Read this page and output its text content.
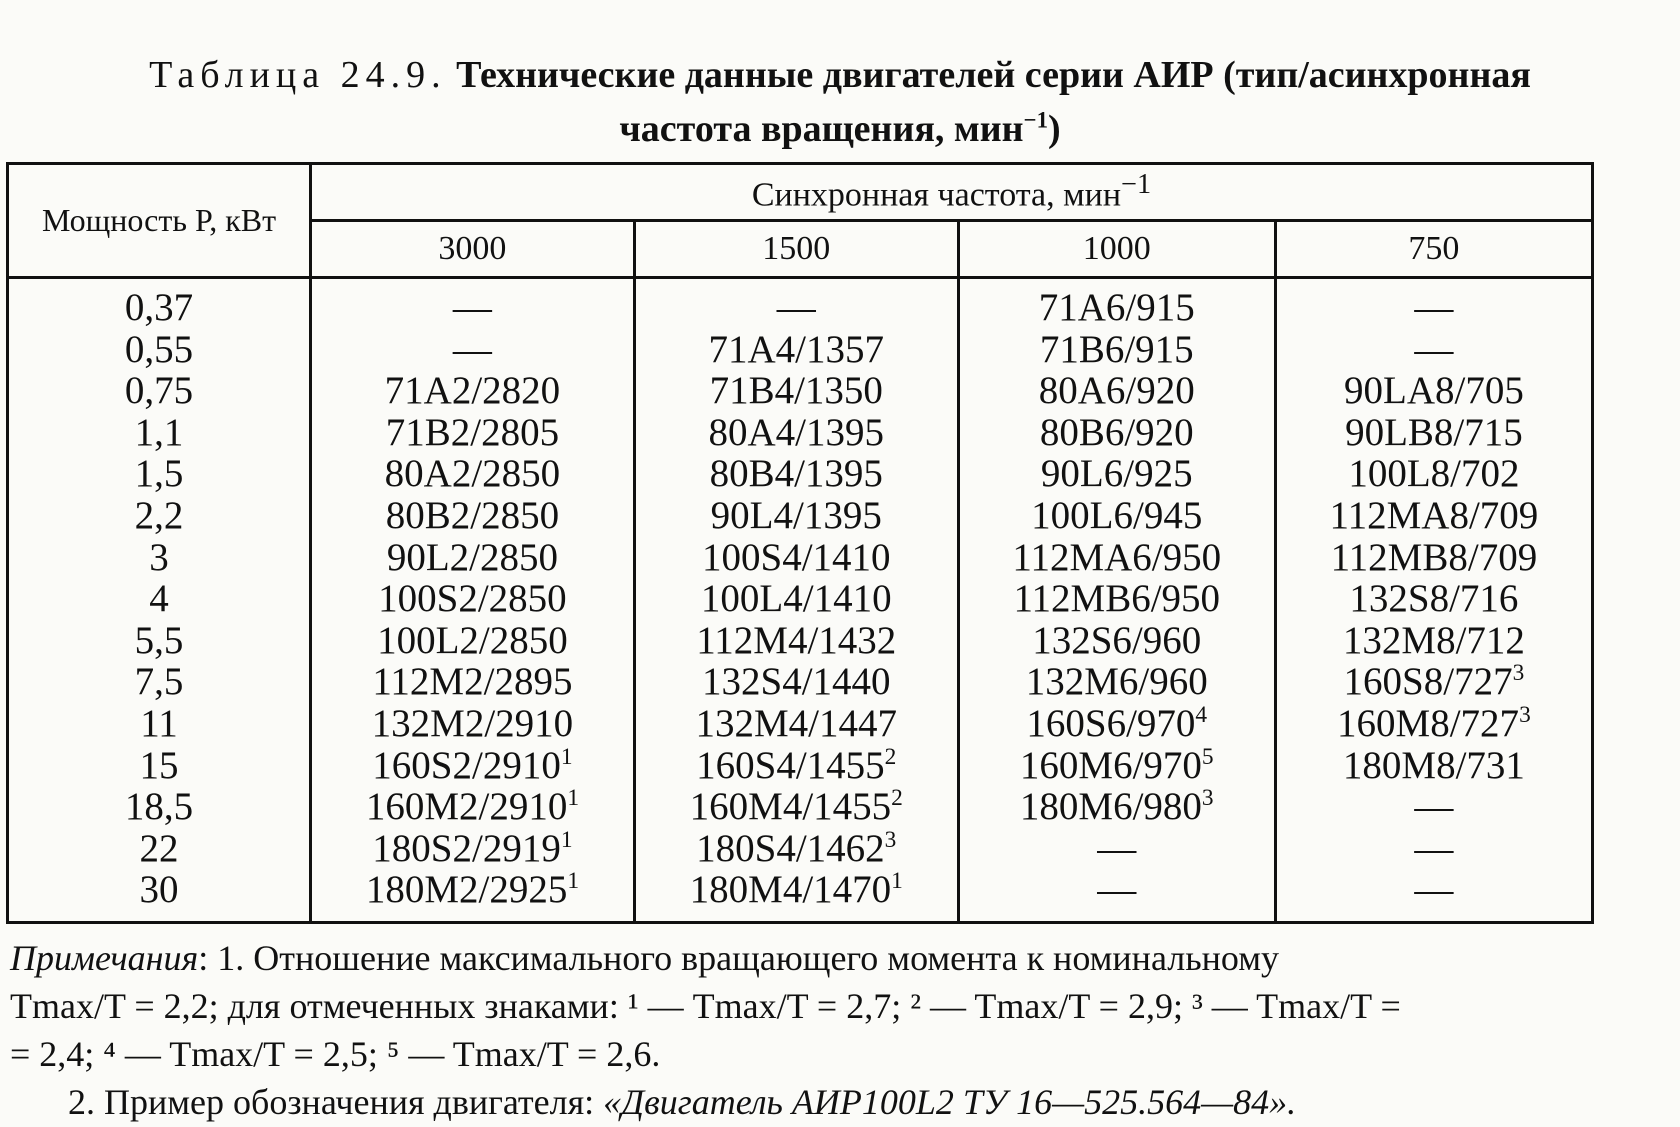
Таблица 24.9. Технические данные двигателей серии АИР (тип/асинхронная
частота вращения, мин$^{-1}$)
Мощность P, кВт	Синхронная частота, мин$^{-1}$
	3000	1500	1000	750
0,37	—	—	71A6/915	—
0,55	—	71A4/1357	71B6/915	—
0,75	71A2/2820	71B4/1350	80A6/920	90LA8/705
1,1	71B2/2805	80A4/1395	80B6/920	90LB8/715
1,5	80A2/2850	80B4/1395	90L6/925	100L8/702
2,2	80B2/2850	90L4/1395	100L6/945	112MA8/709
3	90L2/2850	100S4/1410	112MA6/950	112MB8/709
4	100S2/2850	100L4/1410	112MB6/950	132S8/716
5,5	100L2/2850	112M4/1432	132S6/960	132M8/712
7,5	112M2/2895	132S4/1440	132M6/960	$160S8/727^3$
11	132M2/2910	132M4/1447	$160S6/970^4$	$160M8/727^3$
15	160S2/2910$^1$	160S4/1455$^2$	$160M6/970^5$	180M8/731
18,5	160M2/2910$^1$	160M4/1455$^2$	$180M6/980^3$	—
22	180S2/2919$^1$	180S4/1462$^3$	—	—
30	180M2/2925$^1$	180M4/1470$^1$	—	—

Примечания: 1. Отношение максимального вращающего момента к номинальному

Tmax/T = 2,2; для отмеченных знаками: ¹ — Tmax/T = 2,7; ² — Tmax/T = 2,9; ³ — Tmax/T =

= 2,4; ⁴ — Tmax/T = 2,5; ⁵ — Tmax/T = 2,6.

2. Пример обозначения двигателя: «Двигатель АИР100L2 ТУ 16—525.564—84».
